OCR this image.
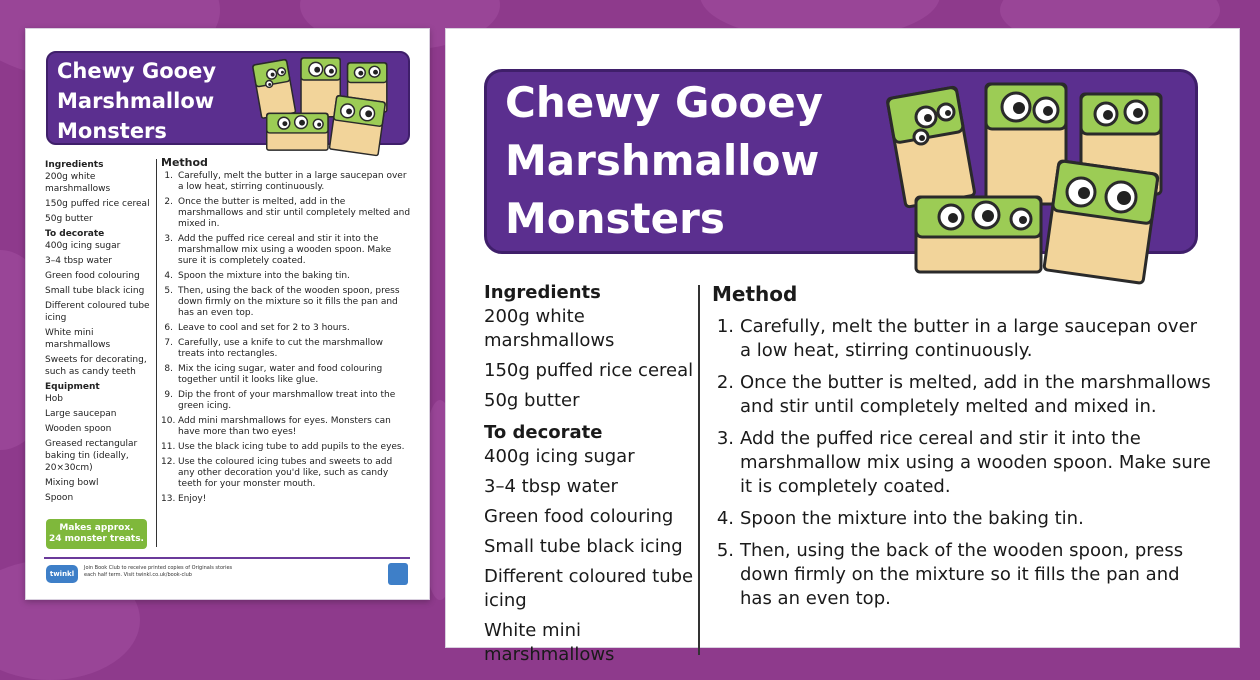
Chewy Gooey
Marshmallow
Monsters
Ingredients
200g white marshmallows
150g puffed rice cereal
50g butter
To decorate
400g icing sugar
3–4 tbsp water
Green food colouring
Small tube black icing
Different coloured tube icing
White mini marshmallows
Sweets for decorating, such as candy teeth
Equipment
Hob
Large saucepan
Wooden spoon
Greased rectangular baking tin (ideally, 20×30cm)
Mixing bowl
Spoon
Method
1. Carefully, melt the butter in a large saucepan over a low heat, stirring continuously.
2. Once the butter is melted, add in the marshmallows and stir until completely melted and mixed in.
3. Add the puffed rice cereal and stir it into the marshmallow mix using a wooden spoon. Make sure it is completely coated.
4. Spoon the mixture into the baking tin.
5. Then, using the back of the wooden spoon, press down firmly on the mixture so it fills the pan and has an even top.
6. Leave to cool and set for 2 to 3 hours.
7. Carefully, use a knife to cut the marshmallow treats into rectangles.
8. Mix the icing sugar, water and food colouring together until it looks like glue.
9. Dip the front of your marshmallow treat into the green icing.
10. Add mini marshmallows for eyes. Monsters can have more than two eyes!
11. Use the black icing tube to add pupils to the eyes.
12. Use the coloured icing tubes and sweets to add any other decoration you'd like, such as candy teeth for your monster mouth.
13. Enjoy!
Makes approx.
24 monster treats.
twinkl
Join Book Club to receive printed copies of Originals stories each half term. Visit twinkl.co.uk/book-club
Chewy Gooey
Marshmallow
Monsters
Ingredients
200g white marshmallows
150g puffed rice cereal
50g butter
To decorate
400g icing sugar
3–4 tbsp water
Green food colouring
Small tube black icing
Different coloured tube icing
White mini marshmallows
Method
1. Carefully, melt the butter in a large saucepan over a low heat, stirring continuously.
2. Once the butter is melted, add in the marshmallows and stir until completely melted and mixed in.
3. Add the puffed rice cereal and stir it into the marshmallow mix using a wooden spoon. Make sure it is completely coated.
4. Spoon the mixture into the baking tin.
5. Then, using the back of the wooden spoon, press down firmly on the mixture so it fills the pan and has an even top.
